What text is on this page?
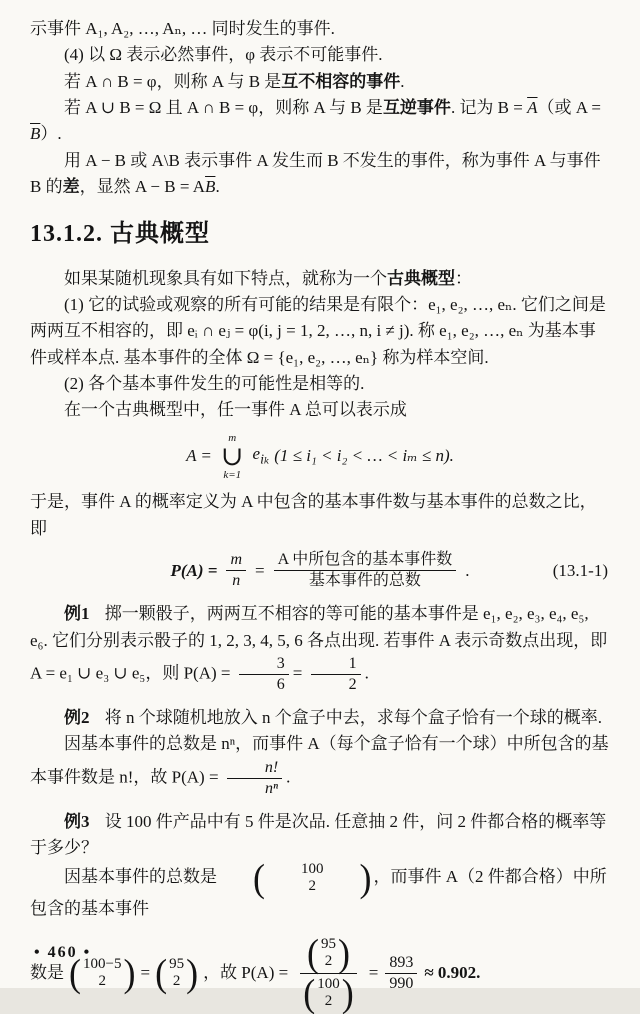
示事件 A₁, A₂, …, Aₙ, … 同时发生的事件.

(4) 以 Ω 表示必然事件，φ 表示不可能事件.

若 A ∩ B = φ，则称 A 与 B 是互不相容的事件.

若 A ∪ B = Ω 且 A ∩ B = φ，则称 A 与 B 是互逆事件. 记为 $B = \overline{A}$（或 $A = \overline{B}$）.

用 A − B 或 A\B 表示事件 A 发生而 B 不发生的事件，称为事件 A 与事件 B 的差，显然 $A - B = A\overline{B}$.

13.1.2. 古典概型

如果某随机现象具有如下特点，就称为一个古典概型：

(1) 它的试验或观察的所有可能的结果是有限个：e₁, e₂, …, eₙ. 它们之间是两两互不相容的，即 eᵢ ∩ eⱼ = φ(i, j = 1, 2, …, n, i ≠ j). 称 e₁, e₂, …, eₙ 为基本事件或样本点. 基本事件的全体 Ω = {e₁, e₂, …, eₙ} 称为样本空间.

(2) 各个基本事件发生的可能性是相等的.

在一个古典概型中，任一事件 A 总可以表示成

A =
m
∪
k=1
$e_{i_k}$ (1 ≤ i₁ < i₂ < … < iₘ ≤ n).

于是，事件 A 的概率定义为 A 中包含的基本事件数与基本事件的总数之比，即

$P(A) = \frac{m}{n} = \frac{\text{A 中所包含的基本事件数}}{\text{基本事件的总数}}$ .	(13.1-1)

例1 掷一颗骰子，两两互不相容的等可能的基本事件是 e₁, e₂, e₃, e₄, e₅, e₆. 它们分别表示骰子的 1, 2, 3, 4, 5, 6 各点出现. 若事件 A 表示奇数点出现，即 A = e₁ ∪ e₃ ∪ e₅，则 $P(A) = \frac{3}{6} = \frac{1}{2}$ .

例2 将 n 个球随机地放入 n 个盒子中去，求每个盒子恰有一个球的概率.

因基本事件的总数是 nⁿ，而事件 A（每个盒子恰有一个球）中所包含的基本事件数是 n!，故 $P(A) = \frac{n!}{\text{nⁿ}}$ .

例3 设 100 件产品中有 5 件是次品. 任意抽 2 件，问 2 件都合格的概率等于多少？

因基本事件的总数是	(	100
2	) ，而事件 A（2 件都合格）中所包含的基本事件

数是 ( 100−5
2 ) = ( 95
2 ) ，故 P(A) = ( 95
2 )
( 100
2 ) = $\frac{893}{990} \approx 0.902$.
• 460 •
